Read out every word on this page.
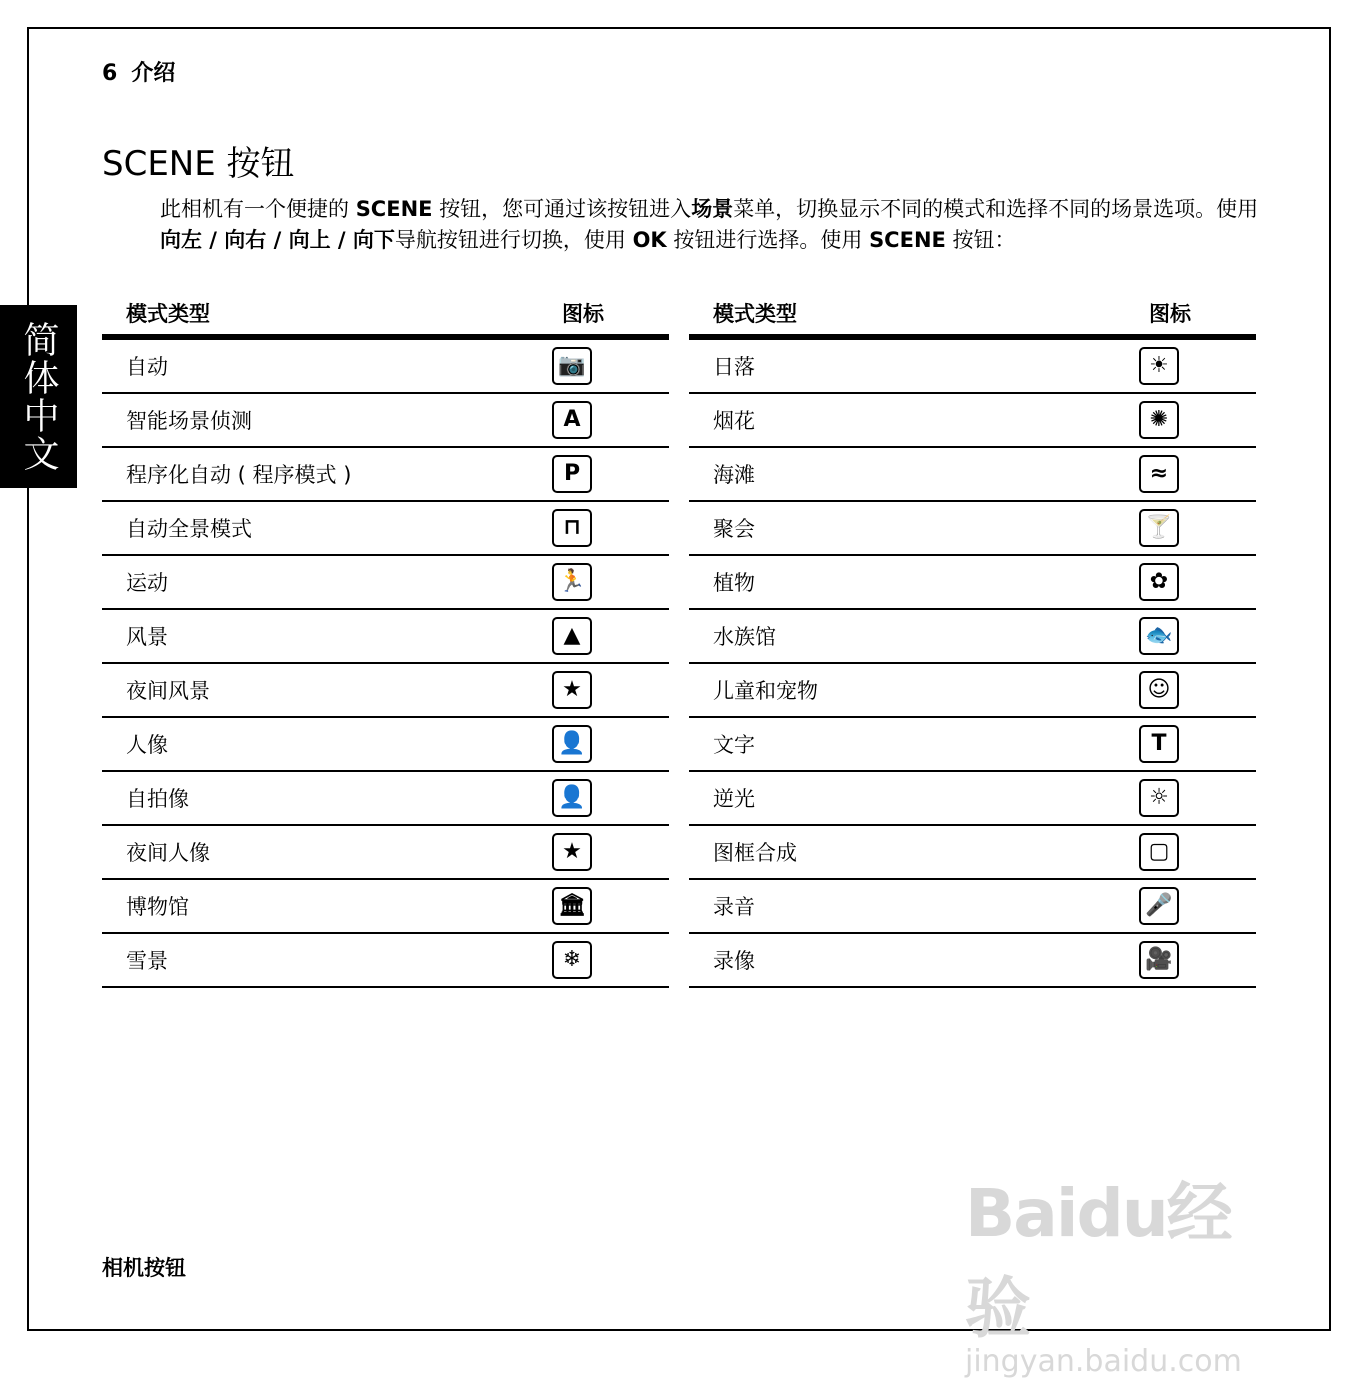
6 介绍
简体中文
SCENE 按钮
此相机有一个便捷的 SCENE 按钮，您可通过该按钮进入场景菜单，切换显示不同的模式和选择不同的场景选项。使用向左 / 向右 / 向上 / 向下导航按钮进行切换，使用 OK 按钮进行选择。使用 SCENE 按钮：
模式类型	图标
自动	📷
智能场景侦测	A
程序化自动 ( 程序模式 )	P
自动全景模式	⊓
运动	🏃
风景	▲
夜间风景	★
人像	👤
自拍像	👤
夜间人像	★
博物馆	🏛
雪景	❄
模式类型	图标
日落	☀
烟花	✺
海滩	≈
聚会	🍸
植物	✿
水族馆	🐟
儿童和宠物	☺
文字	T
逆光	☼
图框合成	▢
录音	🎤
录像	🎥
相机按钮
Baidu经验
jingyan.baidu.com
